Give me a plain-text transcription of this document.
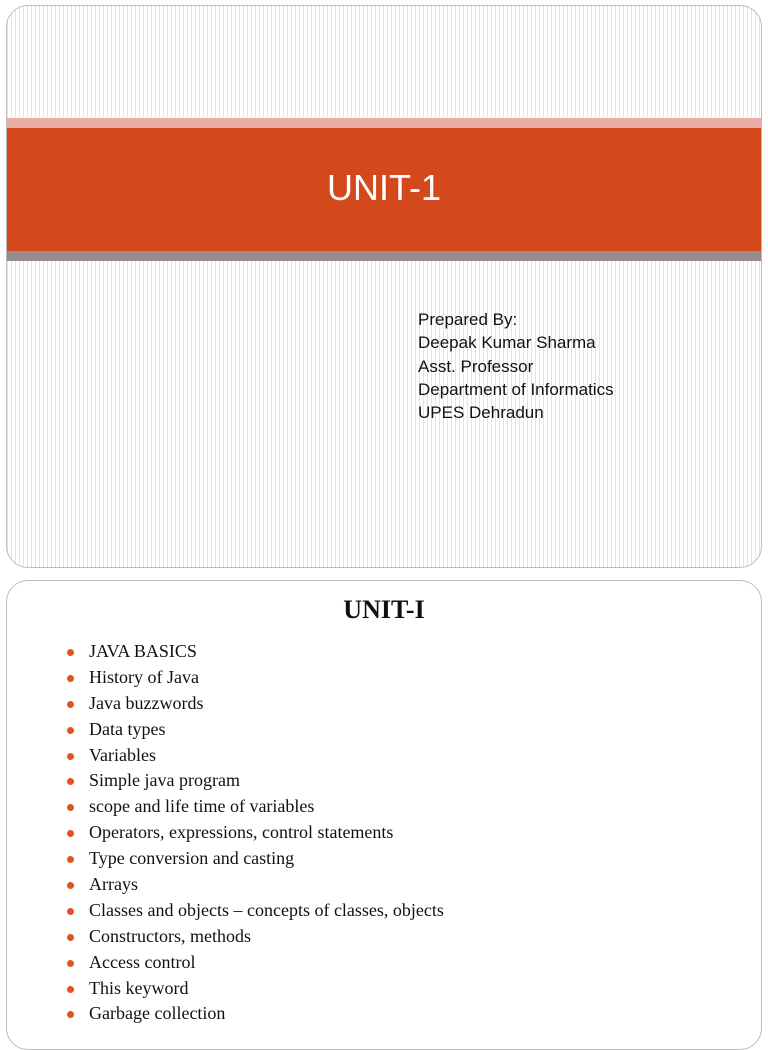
UNIT-1
Prepared By:
Deepak Kumar Sharma
Asst. Professor
Department of Informatics
UPES Dehradun
UNIT-I
JAVA BASICS
History of Java
Java buzzwords
Data types
Variables
Simple java program
scope and life time of variables
Operators, expressions, control statements
Type conversion and casting
Arrays
Classes and objects – concepts of classes, objects
Constructors, methods
Access control
This keyword
Garbage collection
